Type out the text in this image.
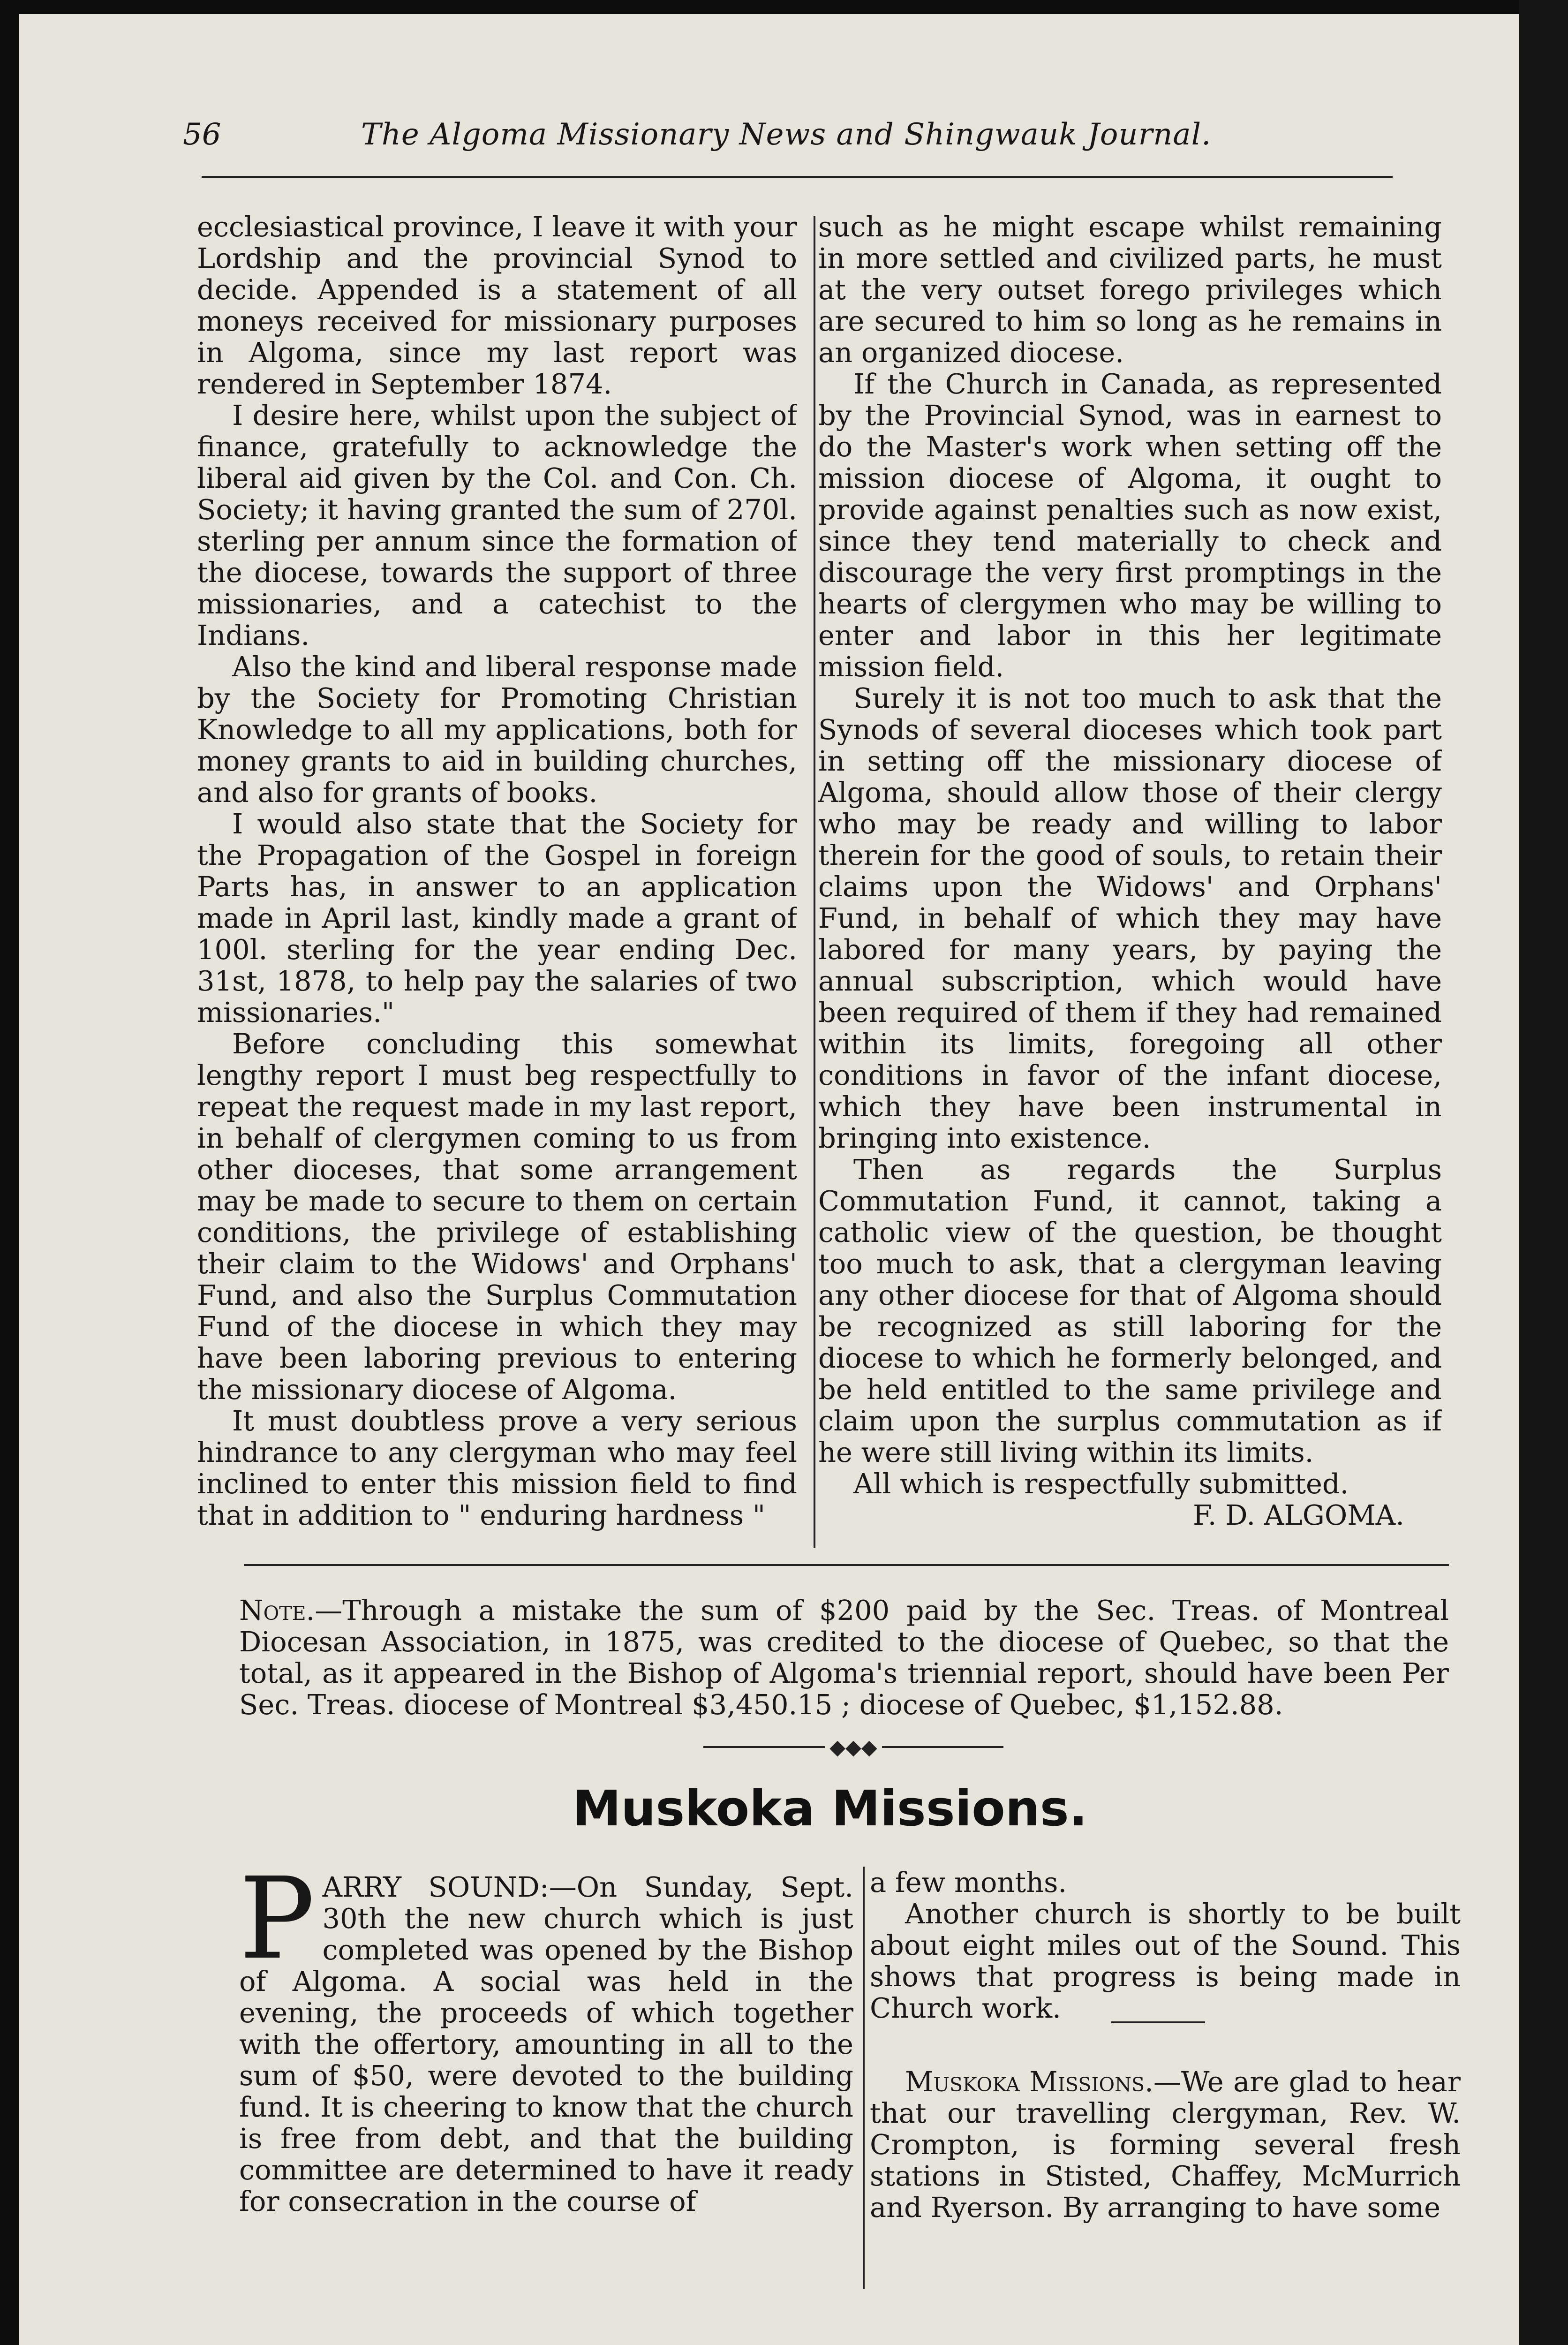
56	The Algoma Missionary News and Shingwauk Journal.

ecclesiastical province, I leave it with your Lordship and the provincial Synod to decide. Appended is a statement of all moneys received for missionary purposes in Algoma, since my last report was rendered in September 1874.

I desire here, whilst upon the subject of finance, gratefully to acknowledge the liberal aid given by the Col. and Con. Ch. Society; it having granted the sum of 270l. sterling per annum since the formation of the diocese, towards the support of three missionaries, and a catechist to the Indians.

Also the kind and liberal response made by the Society for Promoting Christian Knowledge to all my applications, both for money grants to aid in building churches, and also for grants of books.

I would also state that the Society for the Propagation of the Gospel in foreign Parts has, in answer to an application made in April last, kindly made a grant of 100l. sterling for the year ending Dec. 31st, 1878, to help pay the salaries of two missionaries."

Before concluding this somewhat lengthy report I must beg respectfully to repeat the request made in my last report, in behalf of clergymen coming to us from other dioceses, that some arrangement may be made to secure to them on certain conditions, the privilege of establishing their claim to the Widows' and Orphans' Fund, and also the Surplus Commutation Fund of the diocese in which they may have been laboring previous to entering the missionary diocese of Algoma.

It must doubtless prove a very serious hindrance to any clergyman who may feel inclined to enter this mission field to find that in addition to " enduring hardness "

such as he might escape whilst remaining in more settled and civilized parts, he must at the very outset forego privileges which are secured to him so long as he remains in an organized diocese.

If the Church in Canada, as represented by the Provincial Synod, was in earnest to do the Master's work when setting off the mission diocese of Algoma, it ought to provide against penalties such as now exist, since they tend materially to check and discourage the very first promptings in the hearts of clergymen who may be willing to enter and labor in this her legitimate mission field.

Surely it is not too much to ask that the Synods of several dioceses which took part in setting off the missionary diocese of Algoma, should allow those of their clergy who may be ready and willing to labor therein for the good of souls, to retain their claims upon the Widows' and Orphans' Fund, in behalf of which they may have labored for many years, by paying the annual subscription, which would have been required of them if they had remained within its limits, foregoing all other conditions in favor of the infant diocese, which they have been instrumental in bringing into existence.

Then as regards the Surplus Commutation Fund, it cannot, taking a catholic view of the question, be thought too much to ask, that a clergyman leaving any other diocese for that of Algoma should be recognized as still laboring for the diocese to which he formerly belonged, and be held entitled to the same privilege and claim upon the surplus commutation as if he were still living within its limits.

All which is respectfully submitted.

F. D. ALGOMA.

Note.—Through a mistake the sum of $200 paid by the Sec. Treas. of Montreal Diocesan Association, in 1875, was credited to the diocese of Quebec, so that the total, as it appeared in the Bishop of Algoma's triennial report, should have been Per Sec. Treas. diocese of Montreal $3,450.15 ; diocese of Quebec, $1,152.88.
◆◆◆
Muskoka Missions.

PARRY SOUND:—On Sunday, Sept. 30th the new church which is just completed was opened by the Bishop of Algoma. A social was held in the evening, the proceeds of which together with the offertory, amounting in all to the sum of $50, were devoted to the building fund. It is cheering to know that the church is free from debt, and that the building committee are determined to have it ready for consecration in the course of

a few months.

Another church is shortly to be built about eight miles out of the Sound. This shows that progress is being made in Church work.

Muskoka Missions.—We are glad to hear that our travelling clergyman, Rev. W. Crompton, is forming several fresh stations in Stisted, Chaffey, McMurrich and Ryerson. By arranging to have some
